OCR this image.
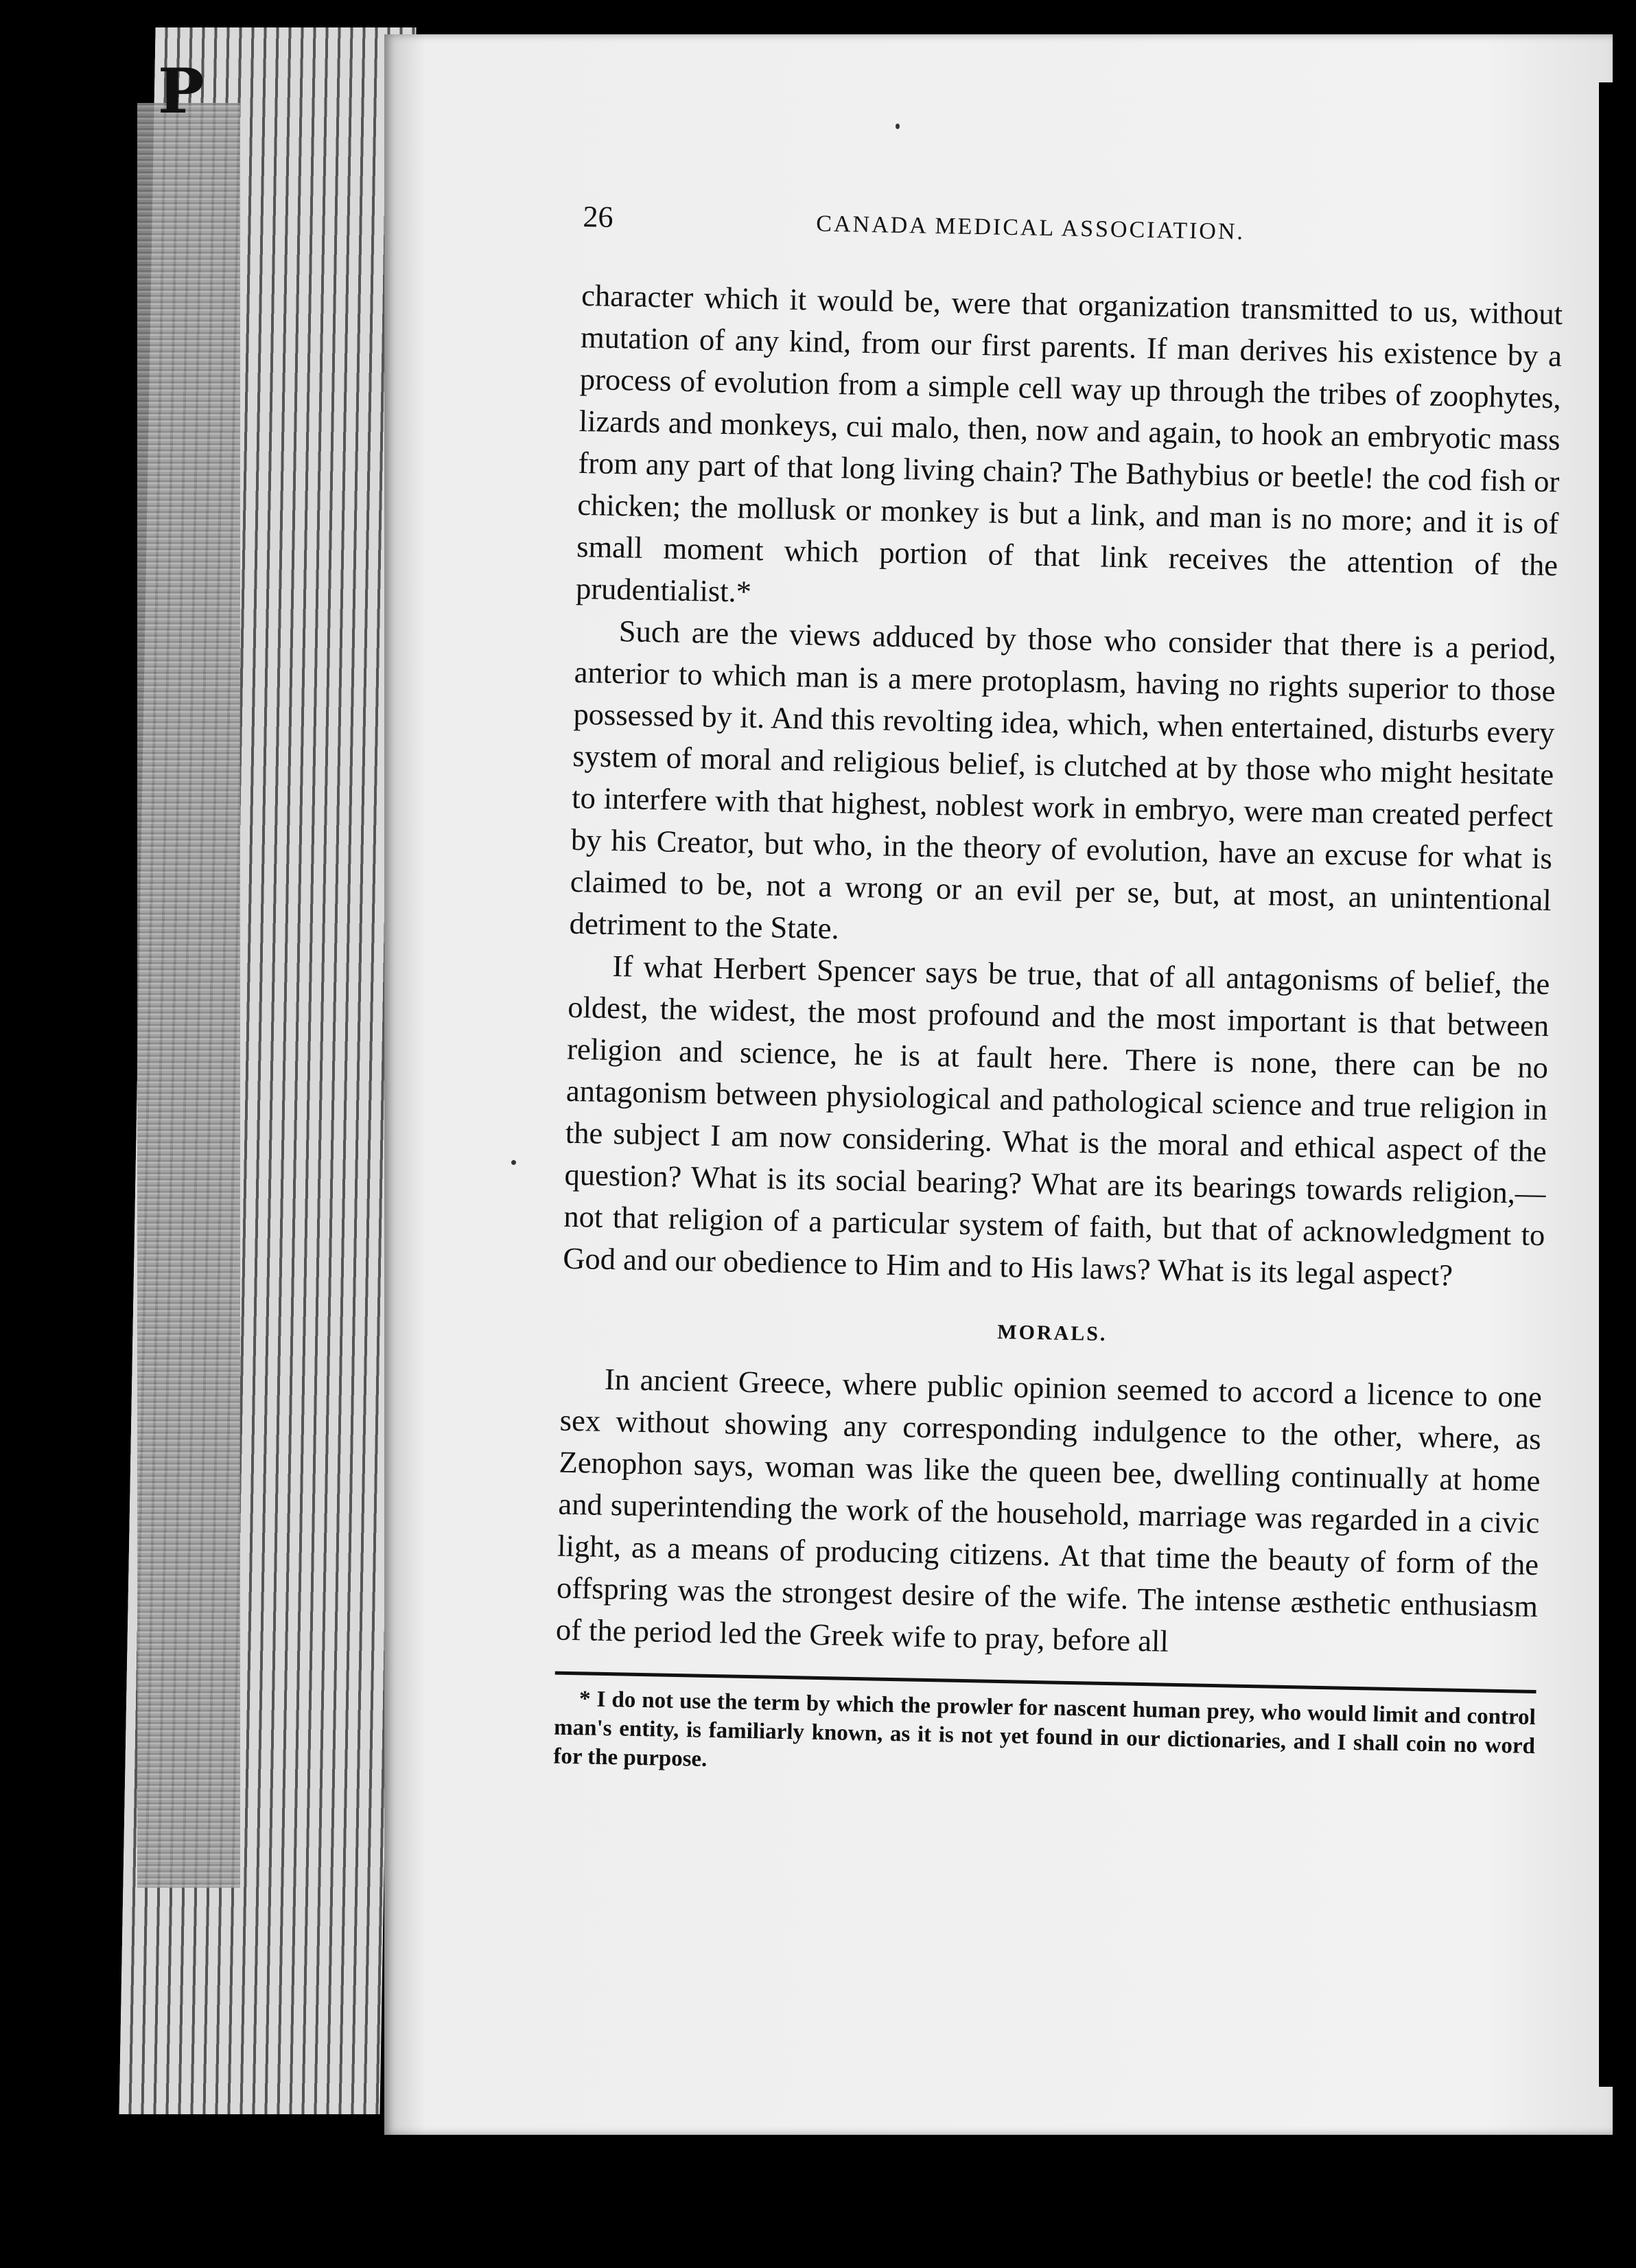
P
26	CANADA MEDICAL ASSOCIATION.

character which it would be, were that organization transmitted to us, without mutation of any kind, from our first parents. If man derives his existence by a process of evolution from a simple cell way up through the tribes of zoophytes, lizards and monkeys, cui malo, then, now and again, to hook an embryotic mass from any part of that long living chain? The Bathybius or beetle! the cod fish or chicken; the mollusk or monkey is but a link, and man is no more; and it is of small moment which portion of that link receives the attention of the prudentialist.*

Such are the views adduced by those who consider that there is a period, anterior to which man is a mere protoplasm, having no rights superior to those possessed by it. And this revolting idea, which, when entertained, disturbs every system of moral and religious belief, is clutched at by those who might hesitate to interfere with that highest, noblest work in embryo, were man created perfect by his Creator, but who, in the theory of evolution, have an excuse for what is claimed to be, not a wrong or an evil per se, but, at most, an unintentional detriment to the State.

If what Herbert Spencer says be true, that of all antagonisms of belief, the oldest, the widest, the most profound and the most important is that between religion and science, he is at fault here. There is none, there can be no antagonism between physiological and pathological science and true religion in the subject I am now considering. What is the moral and ethical aspect of the question? What is its social bearing? What are its bearings towards religion,—not that religion of a particular system of faith, but that of acknowledgment to God and our obedience to Him and to His laws? What is its legal aspect?

MORALS.

In ancient Greece, where public opinion seemed to accord a licence to one sex without showing any corresponding indulgence to the other, where, as Zenophon says, woman was like the queen bee, dwelling continually at home and superintending the work of the household, marriage was regarded in a civic light, as a means of producing citizens. At that time the beauty of form of the offspring was the strongest desire of the wife. The intense æsthetic enthusiasm of the period led the Greek wife to pray, before all

* I do not use the term by which the prowler for nascent human prey, who would limit and control man's entity, is familiarly known, as it is not yet found in our dictionaries, and I shall coin no word for the purpose.
